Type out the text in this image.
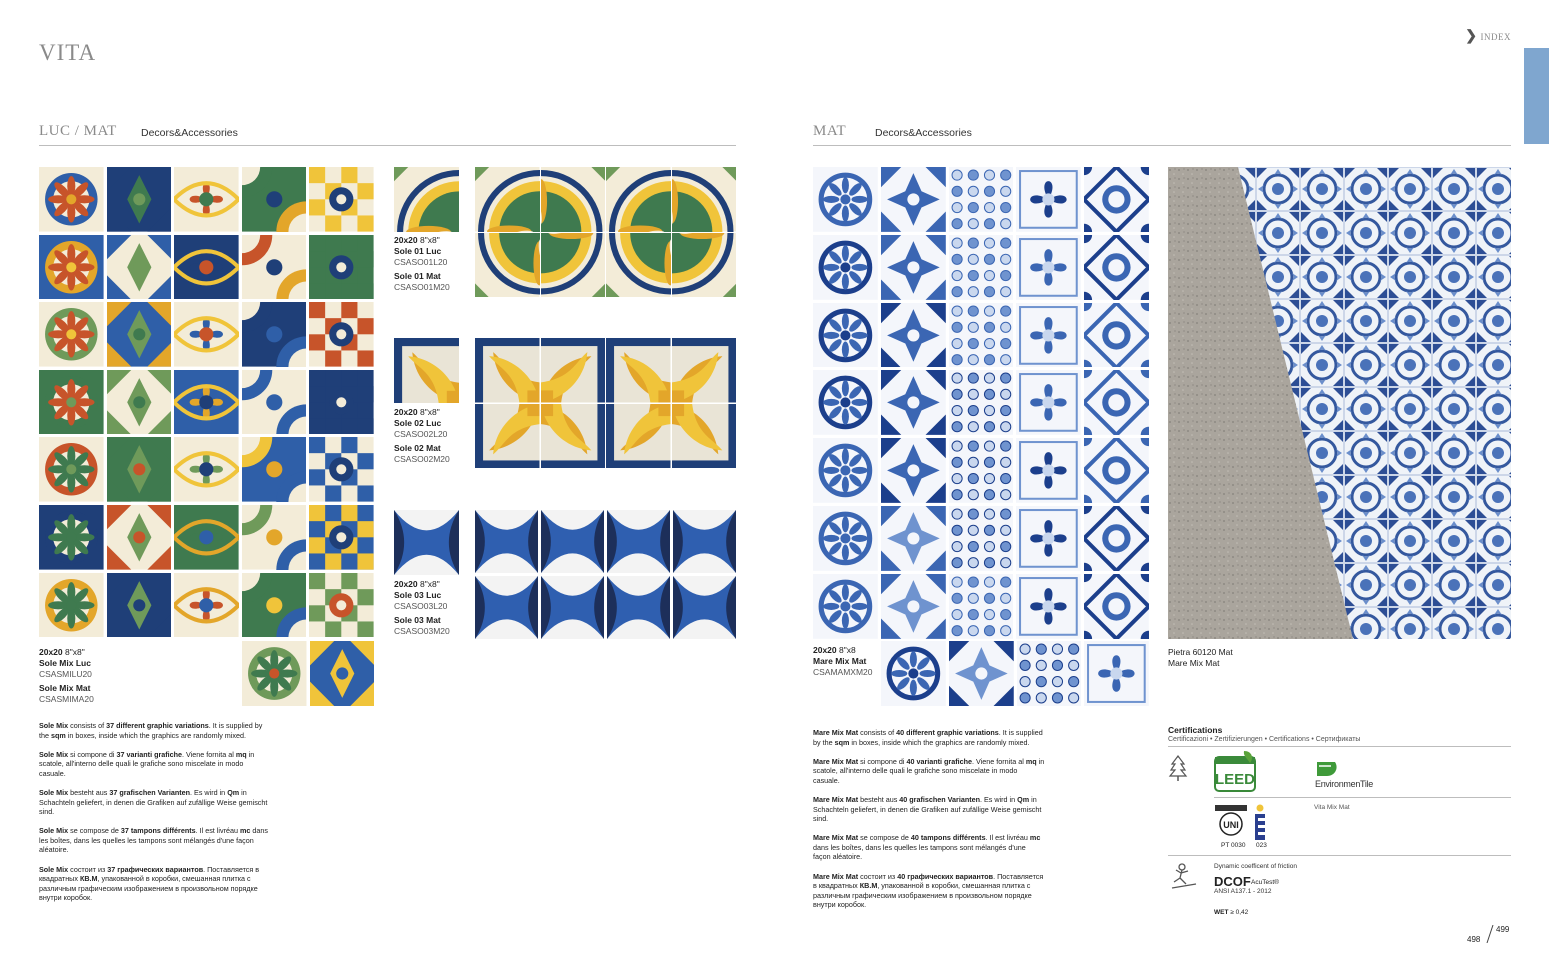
VITA
❯ INDEX
LUC / MAT Decors&Accessories	MAT	Decors&Accessories
20x20 8"x8"
Sole Mix Luc
CSASMILU20
Sole Mix Mat
CSASMIMA20
20x20 8"x8"
Sole 01 Luc
CSASO01L20
Sole 01 Mat
CSASO01M20
20x20 8"x8"
Sole 02 Luc
CSASO02L20
Sole 02 Mat
CSASO02M20
20x20 8"x8"
Sole 03 Luc
CSASO03L20
Sole 03 Mat
CSASO03M20

Sole Mix consists of 37 different graphic variations. It is supplied by the sqm in boxes, inside which the graphics are randomly mixed.

Sole Mix si compone di 37 varianti grafiche. Viene fornita al mq in scatole, all'interno delle quali le grafiche sono miscelate in modo casuale.

Sole Mix besteht aus 37 grafischen Varianten. Es wird in Qm in Schachteln geliefert, in denen die Grafiken auf zufällige Weise gemischt sind.

Sole Mix se compose de 37 tampons différents. Il est livréau mc dans les boîtes, dans les quelles les tampons sont mélangés d'une façon aléatoire.

Sole Mix состоит из 37 графических вариантов. Поставляется в квадратных КВ.М, упакованной в коробки, смешанная плитка с различным графическим изображением в произвольном порядке внутри коробок.

20x20 8"x8
Mare Mix Mat
CSAMAMXM20
Pietra 60120 Mat
Mare Mix Mat

Mare Mix Mat consists of 40 different graphic variations. It is supplied by the sqm in boxes, inside which the graphics are randomly mixed.

Mare Mix Mat si compone di 40 varianti grafiche. Viene fornita al mq in scatole, all'interno delle quali le grafiche sono miscelate in modo casuale.

Mare Mix Mat besteht aus 40 grafischen Varianten. Es wird in Qm in Schachteln geliefert, in denen die Grafiken auf zufällige Weise gemischt sind.

Mare Mix Mat se compose de 40 tampons différents. Il est livréau mc dans les boîtes, dans les quelles les tampons sont mélangés d'une façon aléatoire.

Mare Mix Mat состоит из 40 графических вариантов. Поставляется в квадратных КВ.М, упакованной в коробки, смешанная плитка с различным графическим изображением в произвольном порядке внутри коробок.

Certifications
Certificazioni • Zertifizierungen • Certifications • Сертификаты
LEED	EnvironmenTile
Vita Mix Mat
UNI
PT 0030 023
Dynamic coefficent of friction
DCOF AcuTest®
ANSI A137.1 - 2012
WET ≥ 0,42
498
499
